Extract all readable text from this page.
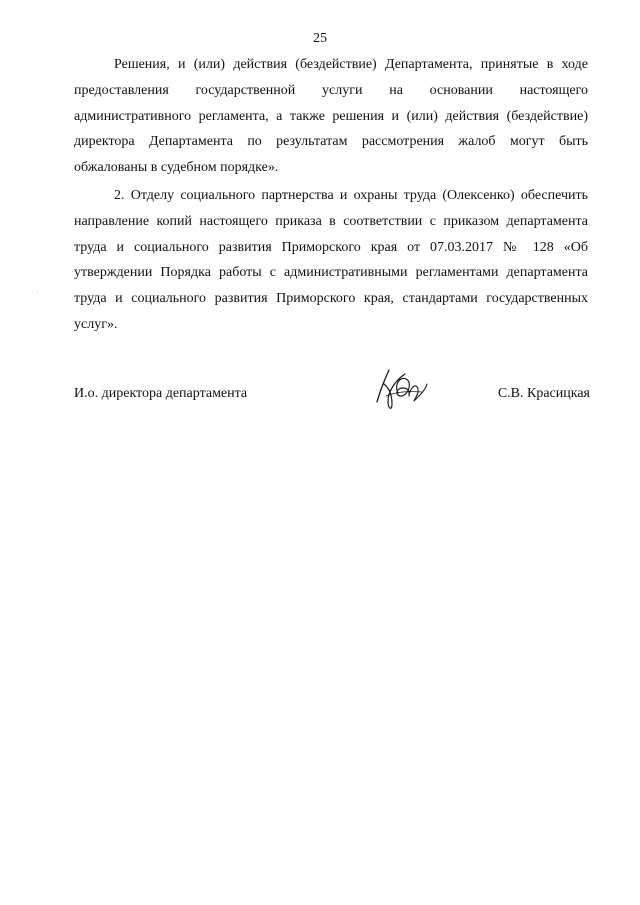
25

Решения, и (или) действия (бездействие) Департамента, принятые в ходе предоставления государственной услуги на основании настоящего административного регламента, а также решения и (или) действия (бездействие) директора Департамента по результатам рассмотрения жалоб могут быть обжалованы в судебном порядке».

2. Отделу социального партнерства и охраны труда (Олексенко) обеспечить направление копий настоящего приказа в соответствии с приказом департамента труда и социального развития Приморского края от 07.03.2017 № 128 «Об утверждении Порядка работы с административными регламентами департамента труда и социального развития Приморского края, стандартами государственных услуг».

И.о. директора департамента	С.В. Красицкая
